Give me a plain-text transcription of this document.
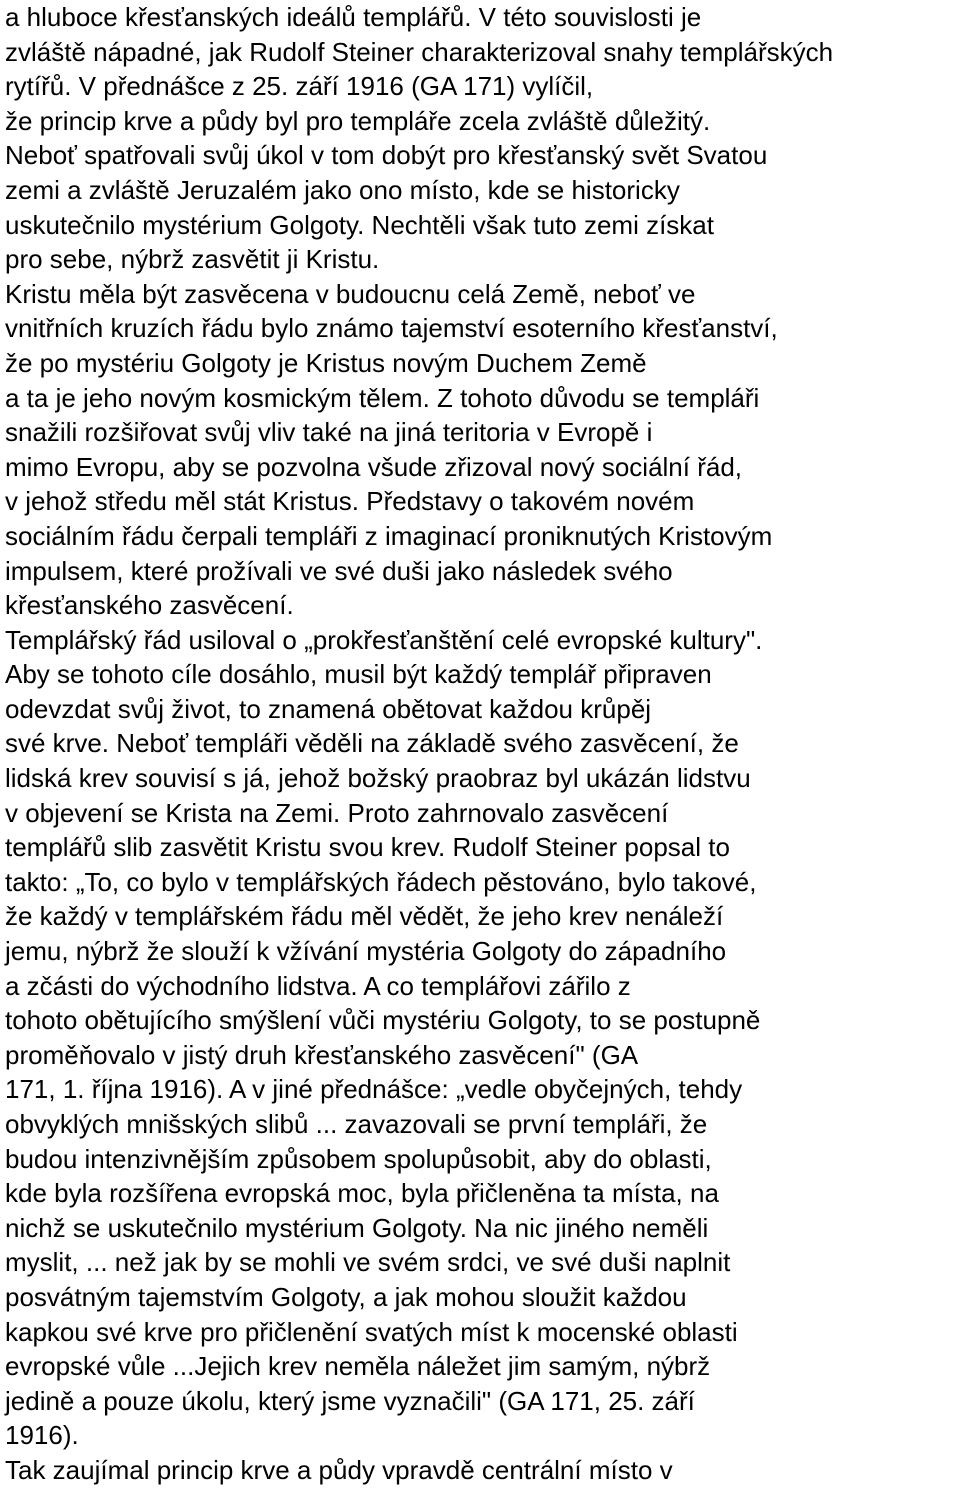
a hluboce křesťanských ideálů templářů. V této souvislosti je
zvláště nápadné, jak Rudolf Steiner charakterizoval snahy templářských
rytířů. V přednášce z 25. září 1916 (GA 171) vylíčil,
že princip krve a půdy byl pro templáře zcela zvláště důležitý.
Neboť spatřovali svůj úkol v tom dobýt pro křesťanský svět Svatou
zemi a zvláště Jeruzalém jako ono místo, kde se historicky
uskutečnilo mystérium Golgoty. Nechtěli však tuto zemi získat
pro sebe, nýbrž zasvětit ji Kristu.
Kristu měla být zasvěcena v budoucnu celá Země, neboť ve
vnitřních kruzích řádu bylo známo tajemství esoterního křesťanství,
že po mystériu Golgoty je Kristus novým Duchem Země
a ta je jeho novým kosmickým tělem. Z tohoto důvodu se templáři
snažili rozšiřovat svůj vliv také na jiná teritoria v Evropě i
mimo Evropu, aby se pozvolna všude zřizoval nový sociální řád,
v jehož středu měl stát Kristus. Představy o takovém novém
sociálním řádu čerpali templáři z imaginací proniknutých Kristovým
impulsem, které prožívali ve své duši jako následek svého
křesťanského zasvěcení.
Templářský řád usiloval o „prokřesťanštění celé evropské kultury".
Aby se tohoto cíle dosáhlo, musil být každý templář připraven
odevzdat svůj život, to znamená obětovat každou krůpěj
své krve. Neboť templáři věděli na základě svého zasvěcení, že
lidská krev souvisí s já, jehož božský praobraz byl ukázán lidstvu
v objevení se Krista na Zemi. Proto zahrnovalo zasvěcení
templářů slib zasvětit Kristu svou krev. Rudolf Steiner popsal to
takto: „To, co bylo v templářských řádech pěstováno, bylo takové,
že každý v templářském řádu měl vědět, že jeho krev nenáleží
jemu, nýbrž že slouží k vžívání mystéria Golgoty do západního
a zčásti do východního lidstva. A co templářovi zářilo z
tohoto obětujícího smýšlení vůči mystériu Golgoty, to se postupně
proměňovalo v jistý druh křesťanského zasvěcení" (GA
171, 1. října 1916). A v jiné přednášce: „vedle obyčejných, tehdy
obvyklých mnišských slibů ... zavazovali se první templáři, že
budou intenzivnějším způsobem spolupůsobit, aby do oblasti,
kde byla rozšířena evropská moc, byla přičleněna ta místa, na
nichž se uskutečnilo mystérium Golgoty. Na nic jiného neměli
myslit, ... než jak by se mohli ve svém srdci, ve své duši naplnit
posvátným tajemstvím Golgoty, a jak mohou sloužit každou
kapkou své krve pro přičlenění svatých míst k mocenské oblasti
evropské vůle ...Jejich krev neměla náležet jim samým, nýbrž
jedině a pouze úkolu, který jsme vyznačili" (GA 171, 25. září
1916).
Tak zaujímal princip krve a půdy vpravdě centrální místo v
